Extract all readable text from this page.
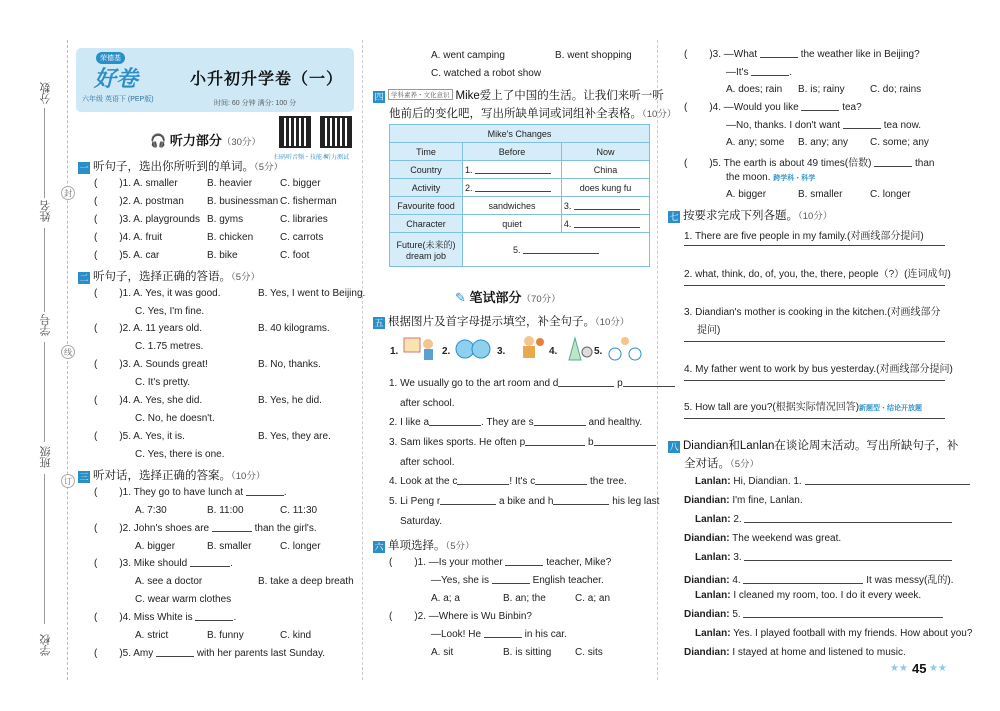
分数
姓名
学号
班级
学校
封
线
订
荣德基
好卷
六年级 英语下 (PEP版)
小升初升学卷（一）
时间: 60 分钟 满分: 100 分
扫码听音频・技能本
听力测试
🎧 听力部分（30分）
一 听句子，选出你所听到的单词。（5分）
( )1. A. smaller	B. heavier	C. bigger
( )2. A. postman B. businessman C. fisherman
( )3. A. playgrounds B. gyms	C. libraries
( )4. A. fruit	B. chicken	C. carrots
( )5. A. car	B. bike	C. foot
二 听句子，选择正确的答语。（5分）
( )1. A. Yes, it was good.	B. Yes, I went to Beijing.
C. Yes, I'm fine.
( )2. A. 11 years old.	B. 40 kilograms.
C. 1.75 metres.
( )3. A. Sounds great!	B. No, thanks.
C. It's pretty.
( )4. A. Yes, she did.	B. Yes, he did.
C. No, he doesn't.
( )5. A. Yes, it is.	B. Yes, they are.
C. Yes, there is one.
三 听对话，选择正确的答案。（10分）
( )1. They go to have lunch at	.
A. 7:30	B. 11:00	C. 11:30
( )2. John's shoes are	than the girl's.
A. bigger	B. smaller	C. longer
( )3. Mike should	.
A. see a doctor	B. take a deep breath
C. wear warm clothes
( )4. Miss White is	.
A. strict	B. funny	C. kind
( )5. Amy	with her parents last Sunday.
A. went camping	B. went shopping
C. watched a robot show
四 学科素养・文化意识 Mike爱上了中国的生活。让我们来听一听
他前后的变化吧，写出所缺单词或词组补全表格。（10分）
Mike's Changes		
Time	Before	Now
Country	1.	China
Activity	2.	does kung fu
Favourite food	sandwiches	3.
Character	quiet	4.
Future(未来的)
dream job	5.	
✎ 笔试部分（70分）
五 根据图片及首字母提示填空，补全句子。（10分）
1.	2.	3.	4.	5.
1. We usually go to the art room and d	p
after school.
2. I like a	. They are s	and healthy.
3. Sam likes sports. He often p	b
after school.
4. Look at the c	! It's c	the tree.
5. Li Peng r	a bike and h	his leg last
Saturday.
六 单项选择。（5分）
( )1. —Is your mother	teacher, Mike?
—Yes, she is	English teacher.
A. a; a	B. an; the	C. a; an
( )2. —Where is Wu Binbin?
—Look! He	in his car.
A. sit	B. is sitting C. sits
( )3. —What	the weather like in Beijing?
—It's	.
A. does; rain B. is; rainy	C. do; rains
( )4. —Would you like	tea?
—No, thanks. I don't want	tea now.
A. any; some B. any; any C. some; any
( )5. The earth is about 49 times(倍数)	than
the moon. 跨学科・科学
A. bigger	B. smaller	C. longer
七 按要求完成下列各题。（10分）
1. There are five people in my family.(对画线部分提问)
2. what, think, do, of, you, the, there, people（?）(连词成句)
3. Diandian's mother is cooking in the kitchen.(对画线部分
提问)
4. My father went to work by bus yesterday.(对画线部分提问)
5. How tall are you?(根据实际情况回答)新题型・结论开放题
八 Diandian和Lanlan在谈论周末活动。写出所缺句子，补
全对话。（5分）
Lanlan: Hi, Diandian. 1.
Diandian: I'm fine, Lanlan.
Lanlan: 2.
Diandian: The weekend was great.
Lanlan: 3.
Diandian: 4.	It was messy(乱的).
Lanlan: I cleaned my room, too. I do it every week.
Diandian: 5.
Lanlan: Yes. I played football with my friends. How about you?
Diandian: I stayed at home and listened to music.
★★ 45 ★★
